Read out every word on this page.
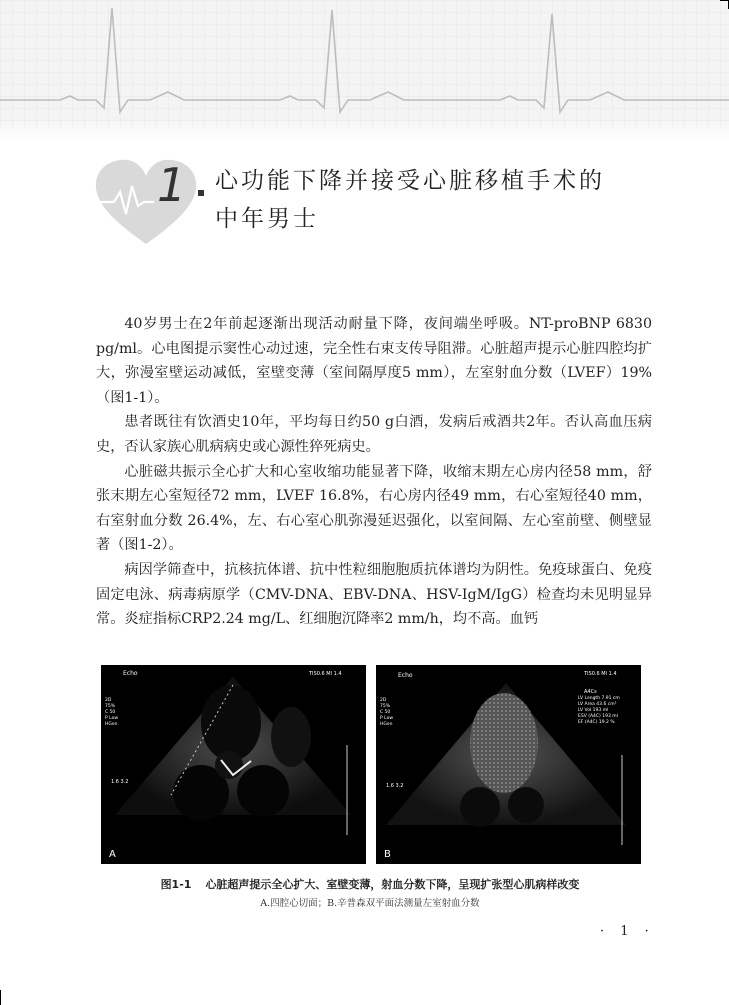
1 心功能下降并接受心脏移植手术的
中年男士

40岁男士在2年前起逐渐出现活动耐量下降，夜间端坐呼吸。NT-proBNP 6830 pg/ml。心电图提示窦性心动过速，完全性右束支传导阻滞。心脏超声提示心脏四腔均扩大，弥漫室壁运动减低，室壁变薄（室间隔厚度5 mm），左室射血分数（LVEF）19%（图1-1）。

患者既往有饮酒史10年，平均每日约50 g白酒，发病后戒酒共2年。否认高血压病史，否认家族心肌病病史或心源性猝死病史。

心脏磁共振示全心扩大和心室收缩功能显著下降，收缩末期左心房内径58 mm，舒张末期左心室短径72 mm，LVEF 16.8%，右心房内径49 mm，右心室短径40 mm，右室射血分数 26.4%，左、右心室心肌弥漫延迟强化，以室间隔、左心室前壁、侧壁显著（图1-2）。

病因学筛查中，抗核抗体谱、抗中性粒细胞胞质抗体谱均为阴性。免疫球蛋白、免疫固定电泳、病毒病原学（CMV-DNA、EBV-DNA、HSV-IgM/IgG）检查均未见明显异常。炎症指标CRP2.24 mg/L、红细胞沉降率2 mm/h，均不高。血钙

Echo	TIS0.6 MI 1.4
2D
75%
C 50
P Low
HGen
1.6 3.2
A
Echo	TIS0.6 MI 1.4
2D
75%
C 50
P Low
HGen
1.6 3.2
A4Cs
LV Length 7.91 cm
LV Area 43.6 cm²
LV Vol 193 ml
ESV (A4C) 193 ml
EF (A4C) 19.2 %
B
图1-1 心脏超声提示全心扩大、室壁变薄，射血分数下降，呈现扩张型心肌病样改变
A.四腔心切面；B.辛普森双平面法测量左室射血分数
· 1 ·
